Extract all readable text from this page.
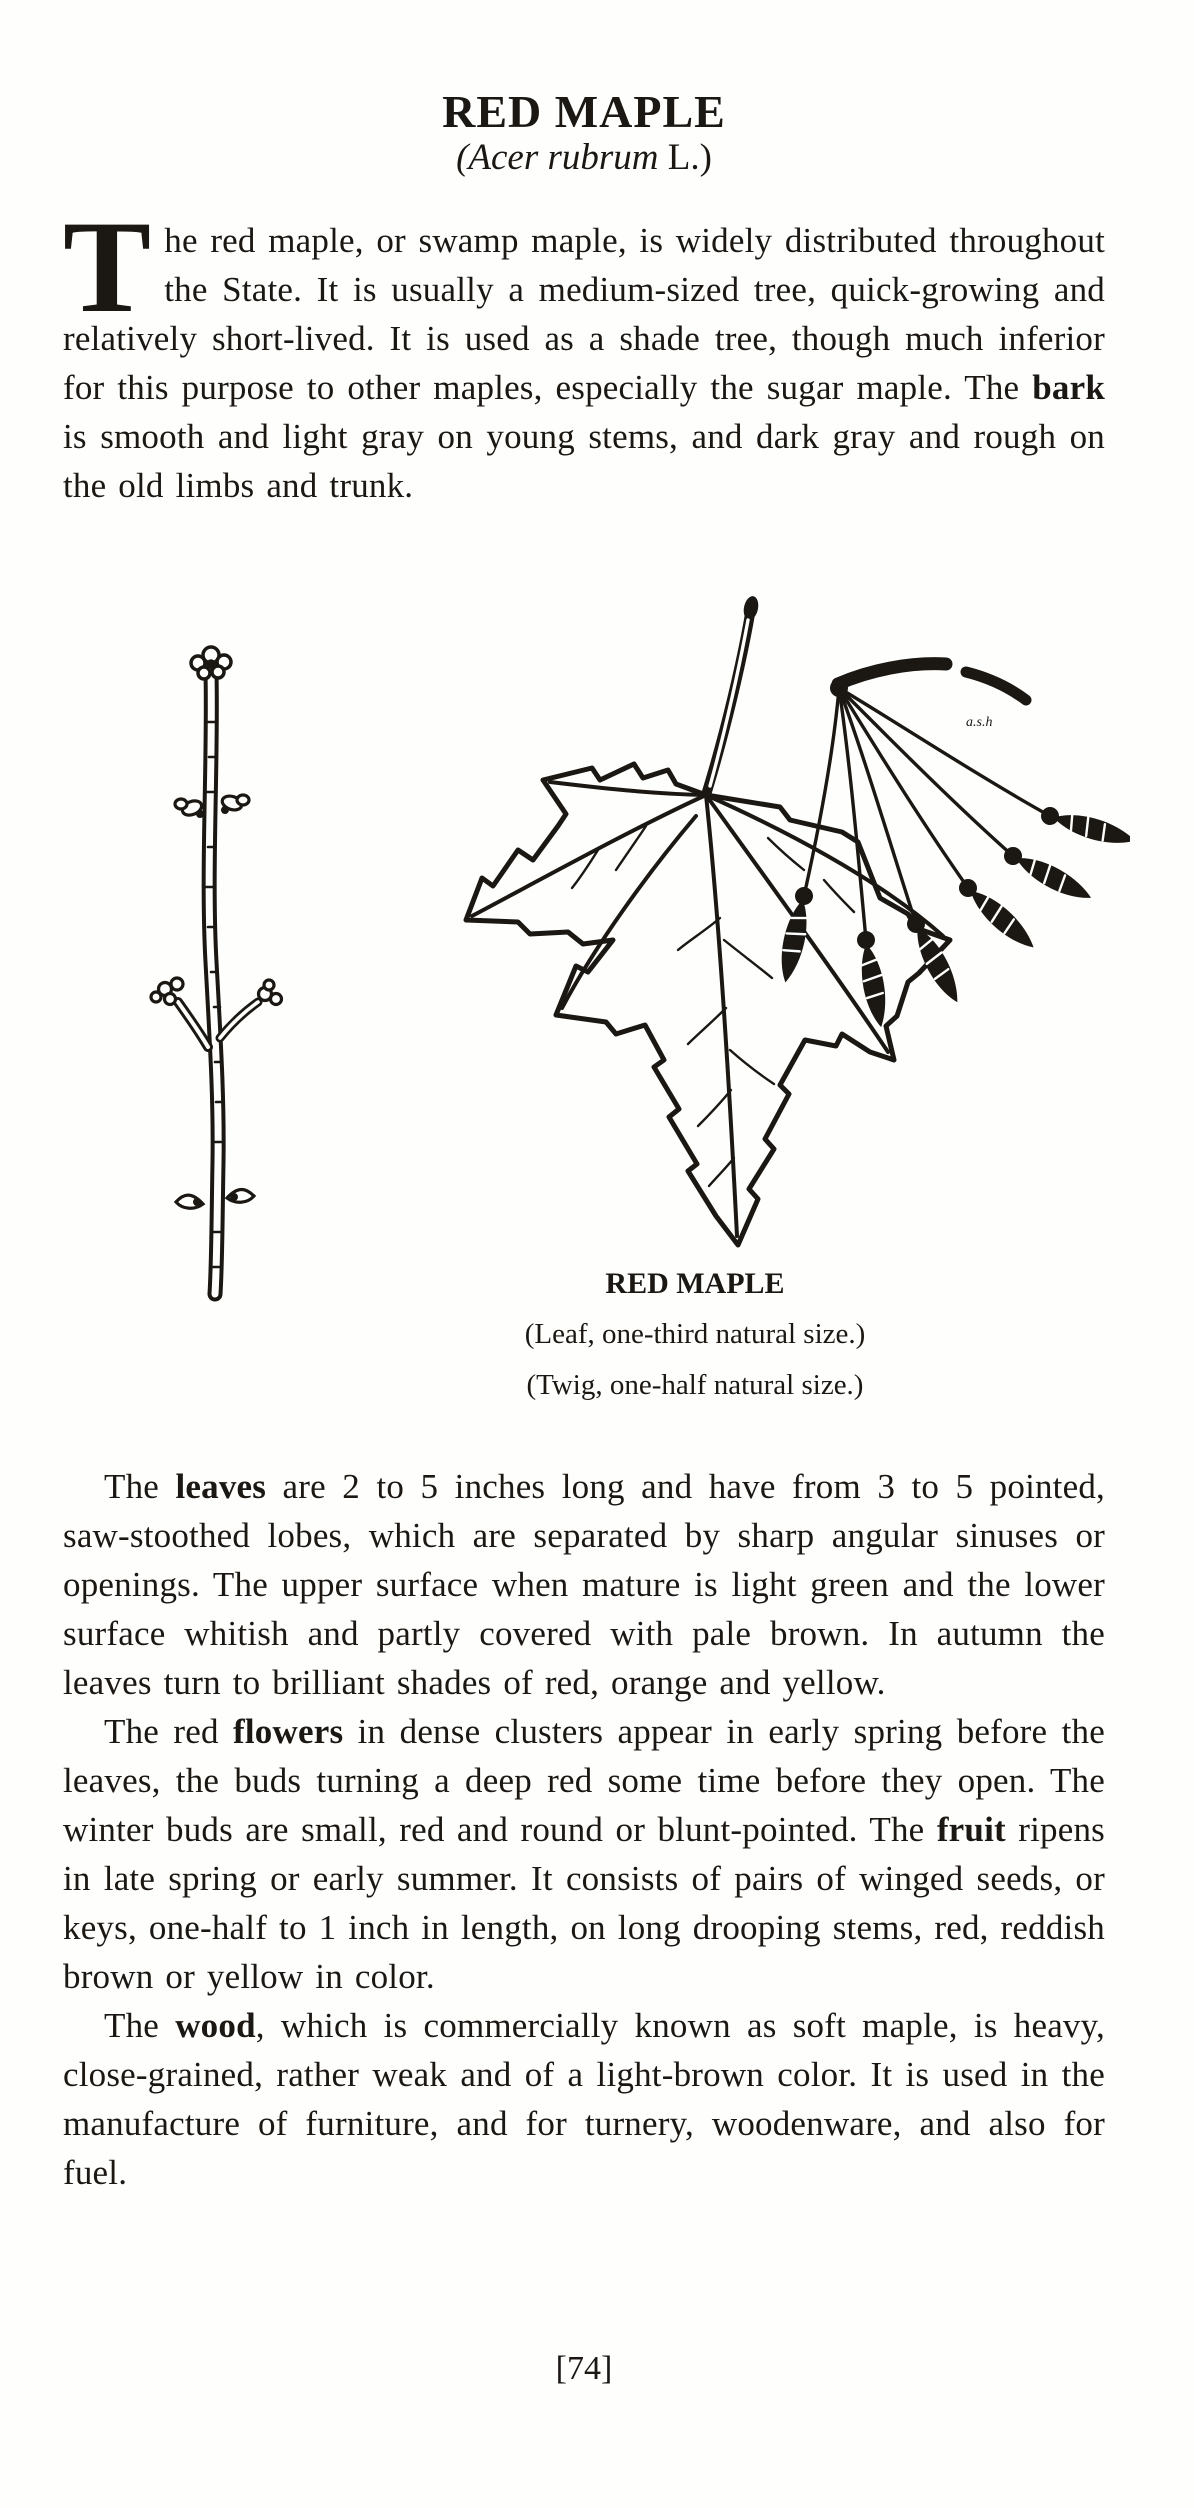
RED MAPLE
(Acer rubrum L.)

The red maple, or swamp maple, is widely distributed throughout the State. It is usually a medium-sized tree, quick-growing and relatively short-lived. It is used as a shade tree, though much inferior for this purpose to other maples, especially the sugar maple. The bark is smooth and light gray on young stems, and dark gray and rough on the old limbs and trunk.

a.s.h
RED MAPLE
(Leaf, one-third natural size.)
(Twig, one-half natural size.)

The leaves are 2 to 5 inches long and have from 3 to 5 pointed, saw-stoothed lobes, which are separated by sharp angular sinuses or openings. The upper surface when mature is light green and the lower surface whitish and partly covered with pale brown. In autumn the leaves turn to brilliant shades of red, orange and yellow.

The red flowers in dense clusters appear in early spring before the leaves, the buds turning a deep red some time before they open. The winter buds are small, red and round or blunt-pointed. The fruit ripens in late spring or early summer. It consists of pairs of winged seeds, or keys, one-half to 1 inch in length, on long drooping stems, red, reddish brown or yellow in color.

The wood, which is commercially known as soft maple, is heavy, close-grained, rather weak and of a light-brown color. It is used in the manufacture of furniture, and for turnery, woodenware, and also for fuel.

[74]
